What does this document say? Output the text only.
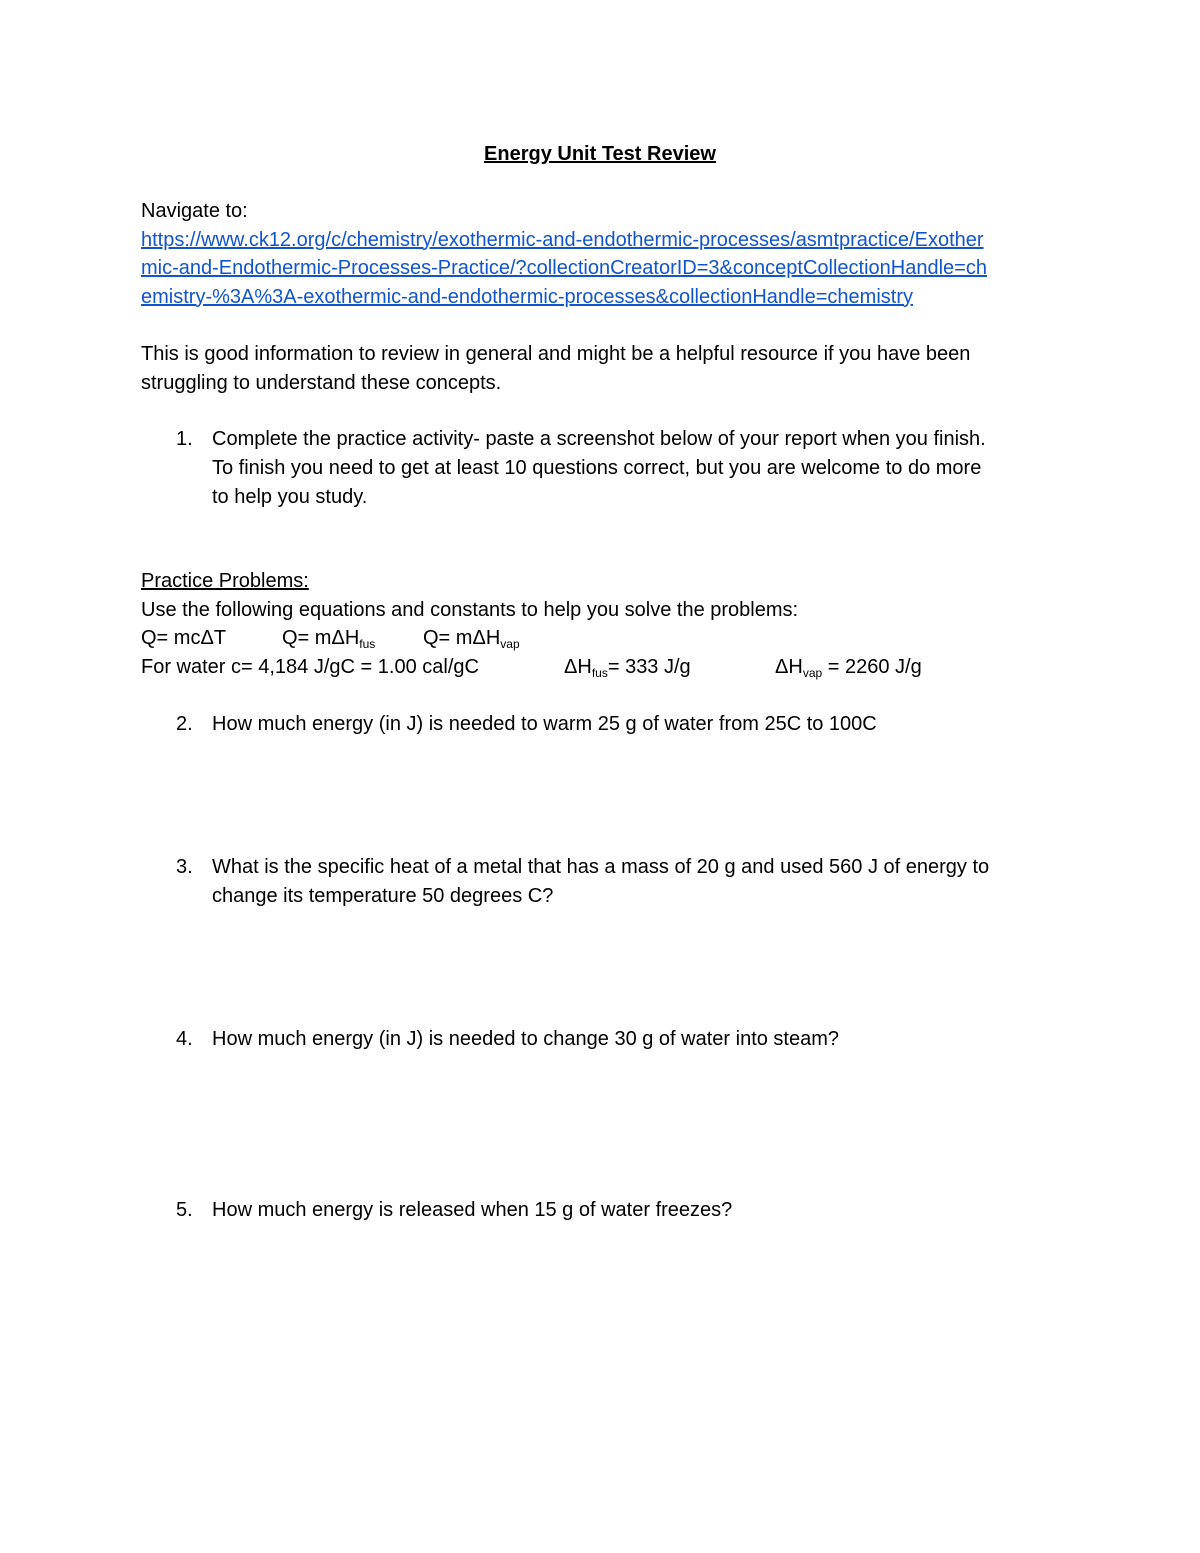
Energy Unit Test Review
Navigate to:
https://www.ck12.org/c/chemistry/exothermic-and-endothermic-processes/asmtpractice/Exother
mic-and-Endothermic-Processes-Practice/?collectionCreatorID=3&conceptCollectionHandle=ch
emistry-%3A%3A-exothermic-and-endothermic-processes&collectionHandle=chemistry
This is good information to review in general and might be a helpful resource if you have been
struggling to understand these concepts.
1. Complete the practice activity- paste a screenshot below of your report when you finish.
To finish you need to get at least 10 questions correct, but you are welcome to do more
to help you study.
Practice Problems:
Use the following equations and constants to help you solve the problems:
Q= mcΔT	Q= mΔH$_{fus}$ Q= mΔH$_{vap}$
For water c= 4,184 J/gC = 1.00 cal/gC	$\Delta H_{fus}= 333$ J/g	$\Delta H_{vap} = 2260$ J/g
2. How much energy (in J) is needed to warm 25 g of water from 25C to 100C
3. What is the specific heat of a metal that has a mass of 20 g and used 560 J of energy to
change its temperature 50 degrees C?
4. How much energy (in J) is needed to change 30 g of water into steam?
5. How much energy is released when 15 g of water freezes?
